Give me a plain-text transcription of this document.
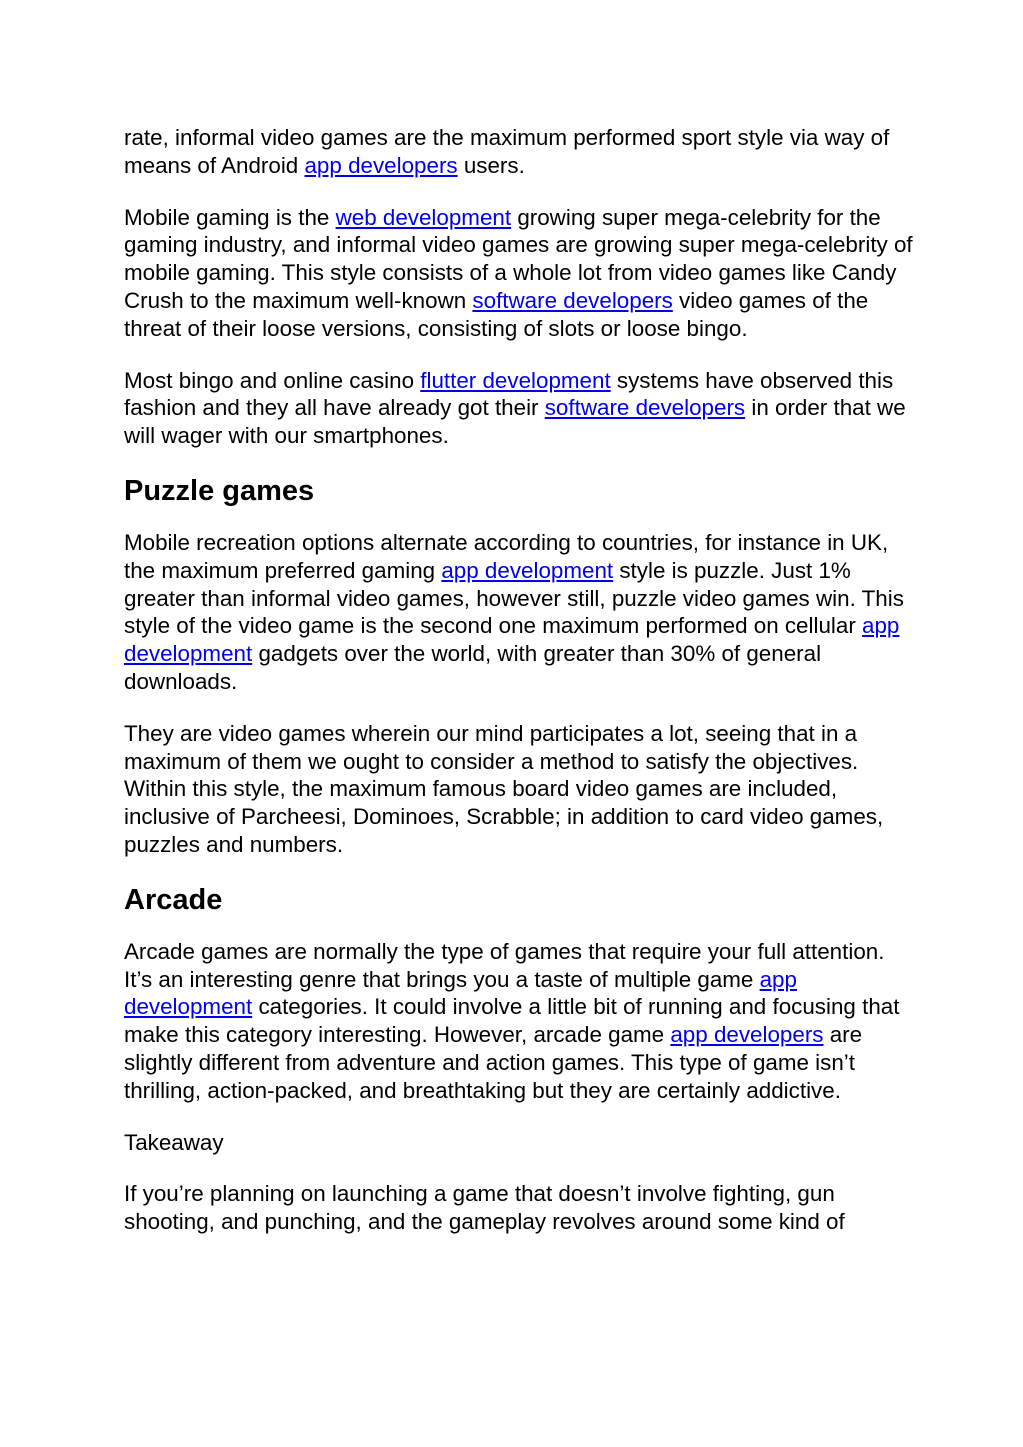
rate, informal video games are the maximum performed sport style via way of means of Android app developers users.

Mobile gaming is the web development growing super mega-celebrity for the gaming industry, and informal video games are growing super mega-celebrity of mobile gaming. This style consists of a whole lot from video games like Candy Crush to the maximum well-known software developers video games of the threat of their loose versions, consisting of slots or loose bingo.

Most bingo and online casino flutter development systems have observed this fashion and they all have already got their software developers in order that we will wager with our smartphones.

Puzzle games

Mobile recreation options alternate according to countries, for instance in UK, the maximum preferred gaming app development style is puzzle. Just 1% greater than informal video games, however still, puzzle video games win. This style of the video game is the second one maximum performed on cellular app development gadgets over the world, with greater than 30% of general downloads.

They are video games wherein our mind participates a lot, seeing that in a maximum of them we ought to consider a method to satisfy the objectives. Within this style, the maximum famous board video games are included, inclusive of Parcheesi, Dominoes, Scrabble; in addition to card video games, puzzles and numbers.

Arcade

Arcade games are normally the type of games that require your full attention. It’s an interesting genre that brings you a taste of multiple game app development categories. It could involve a little bit of running and focusing that make this category interesting. However, arcade game app developers are slightly different from adventure and action games. This type of game isn’t thrilling, action-packed, and breathtaking but they are certainly addictive.

Takeaway

If you’re planning on launching a game that doesn’t involve fighting, gun shooting, and punching, and the gameplay revolves around some kind of
